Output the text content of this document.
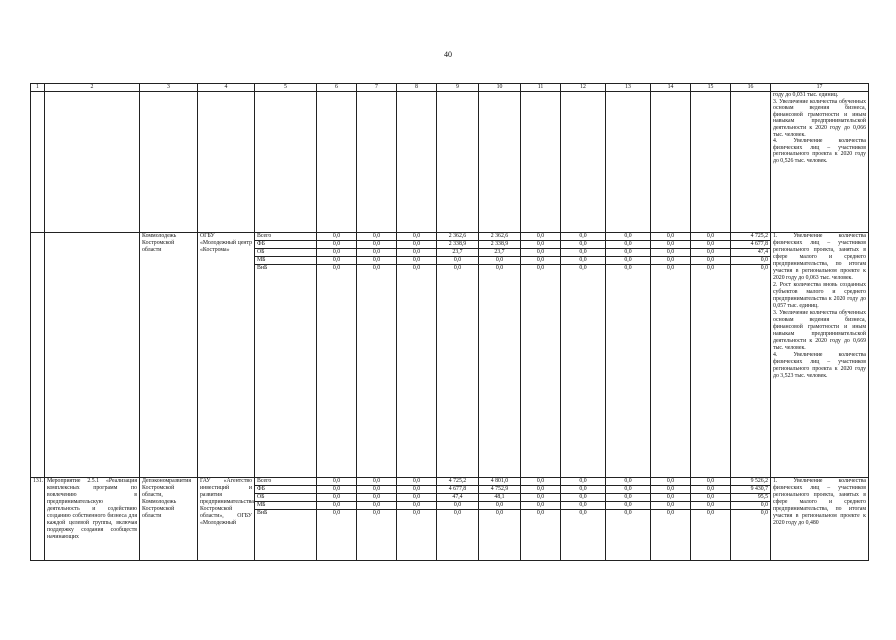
40
1	2	3	4	5	6	7	8	9	10	11	12	13	14	15	16	17

																году до 0,031 тыс. единиц.
3. Увеличение количества обученных основам ведения бизнеса, финансовой грамотности и иным навыкам предпринимательской деятельности к 2020 году до 0,066 тыс. человек.
4. Увеличение количества физических лиц – участников регионального проекта к 2020 году до 0,526 тыс. человек.

		Коммолодежь Костромской области	ОГБУ «Молодежный центр «Кострома»	Всего	0,0	0,0	0,0	2 362,6	2 362,6	0,0	0,0	0,0	0,0	0,0	4 725,2	1. Увеличение количества физических лиц – участников регионального проекта, занятых в сфере малого и среднего предпринимательства, по итогам участия в региональном проекте к 2020 году до 0,063 тыс. человек.
2. Рост количества вновь созданных субъектов малого и среднего предпринимательства к 2020 году до 0,057 тыс. единиц.
3. Увеличение количества обученных основам ведения бизнеса, финансовой грамотности и иным навыкам предпринимательской деятельности к 2020 году до 0,669 тыс. человек.
4. Увеличение количества физических лиц – участников регионального проекта к 2020 году до 3,523 тыс. человек.

				ФБ	0,0	0,0	0,0	2 338,9	2 338,9	0,0	0,0	0,0	0,0	0,0	4 677,8	
				ОБ	0,0	0,0	0,0	23,7	23,7	0,0	0,0	0,0	0,0	0,0	47,4	
				МБ	0,0	0,0	0,0	0,0	0,0	0,0	0,0	0,0	0,0	0,0	0,0	
				ВнБ	0,0	0,0	0,0	0,0	0,0	0,0	0,0	0,0	0,0	0,0	0,0	
131.	Мероприятие 2.5.1 «Реализация комплексных программ по вовлечению в предпринимательскую деятельность и содействию созданию собственного бизнеса для каждой целевой группы, включая поддержку создания сообществ начинающих	Депэкономразвития Костромской области, Коммолодежь Костромской области	ГАУ «Агентство инвестиций и развития предпринимательства Костромской области», ОГБУ «Молодежный	Всего	0,0	0,0	0,0	4 725,2	4 801,0	0,0	0,0	0,0	0,0	0,0	9 526,2	1. Увеличение количества физических лиц – участников регионального проекта, занятых в сфере малого и среднего предпринимательства, по итогам участия в региональном проекте к 2020 году до 0,480

				ФБ	0,0	0,0	0,0	4 677,8	4 752,9	0,0	0,0	0,0	0,0	0,0	9 430,7	
				ОБ	0,0	0,0	0,0	47,4	48,1	0,0	0,0	0,0	0,0	0,0	95,5	
				МБ	0,0	0,0	0,0	0,0	0,0	0,0	0,0	0,0	0,0	0,0	0,0	
				ВнБ	0,0	0,0	0,0	0,0	0,0	0,0	0,0	0,0	0,0	0,0	0,0	
